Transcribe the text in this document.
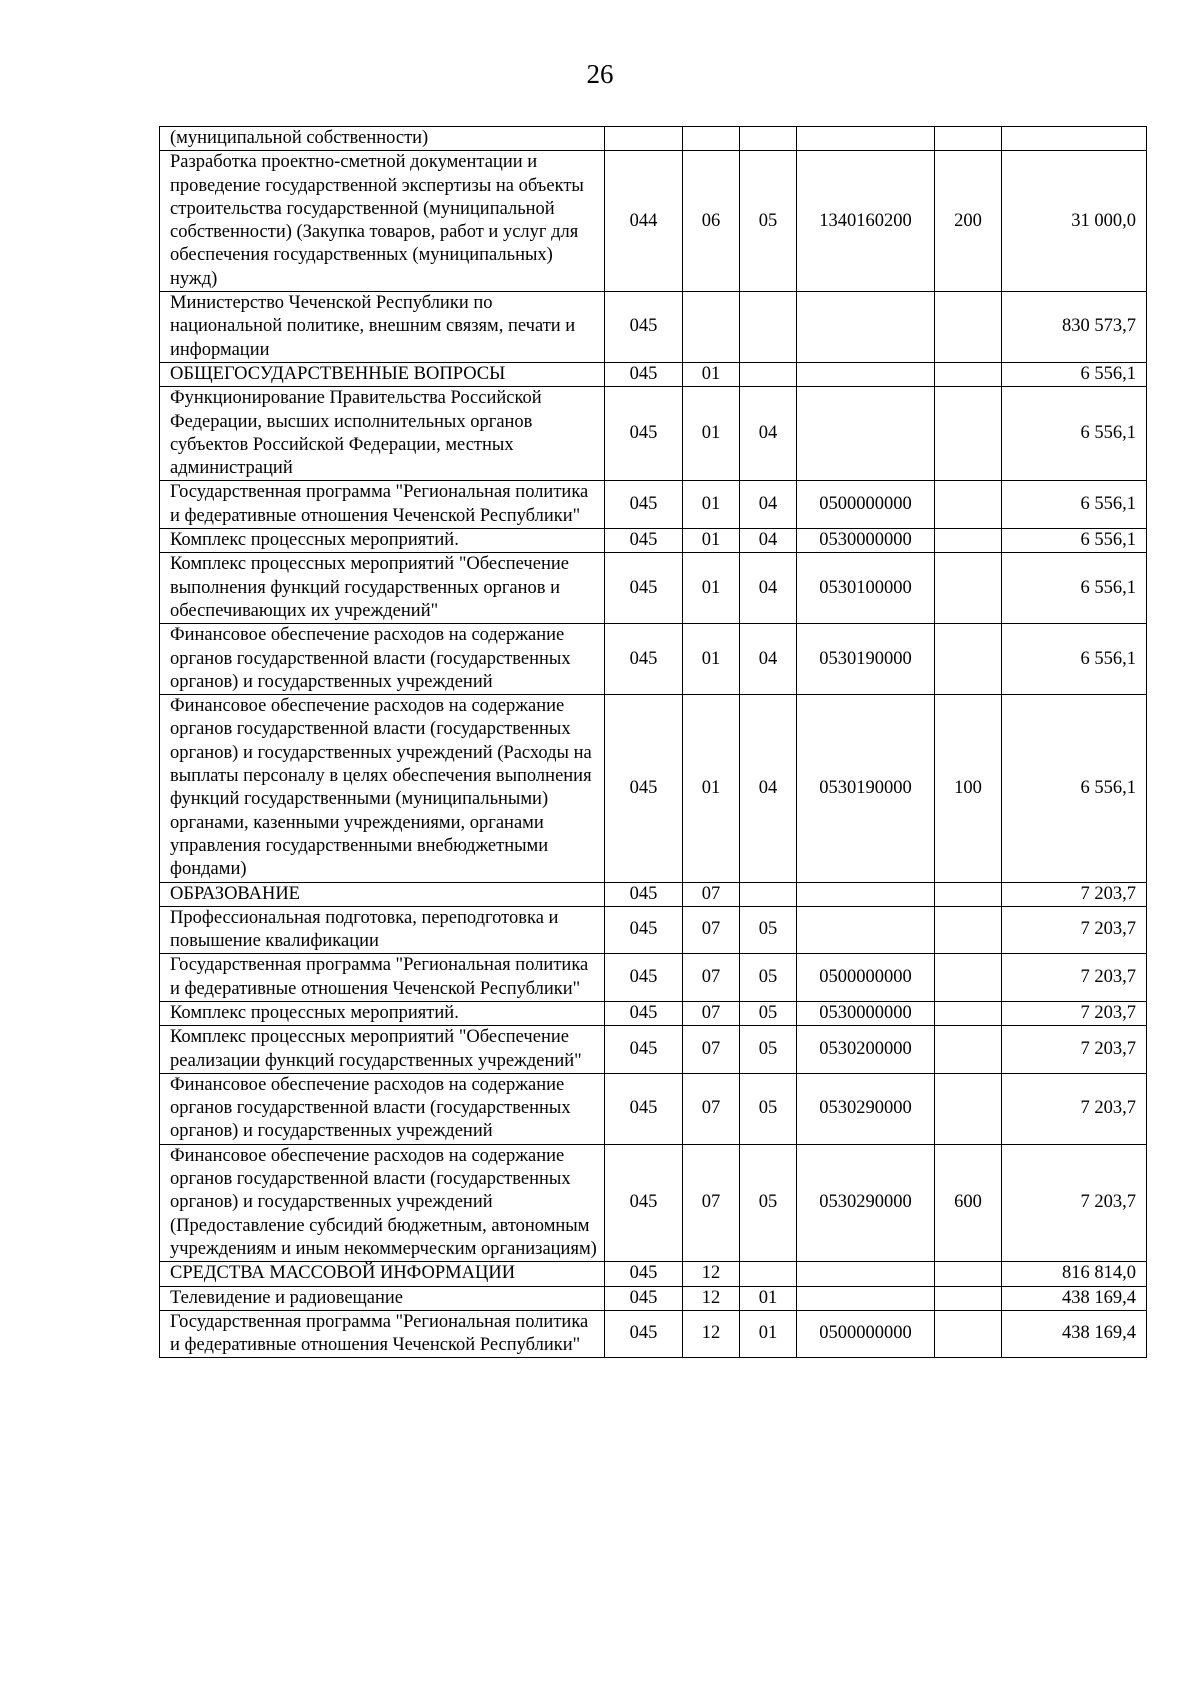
26
(муниципальной собственности)						
Разработка проектно-сметной документации и проведение государственной экспертизы на объекты строительства государственной (муниципальной собственности) (Закупка товаров, работ и услуг для обеспечения государственных (муниципальных) нужд)	044	06	05	1340160200	200	31 000,0
Министерство Чеченской Республики по национальной политике, внешним связям, печати и информации	045					830 573,7
ОБЩЕГОСУДАРСТВЕННЫЕ ВОПРОСЫ	045	01				6 556,1
Функционирование Правительства Российской Федерации, высших исполнительных органов субъектов Российской Федерации, местных администраций	045	01	04			6 556,1
Государственная программа "Региональная политика и федеративные отношения Чеченской Республики"	045	01	04	0500000000		6 556,1
Комплекс процессных мероприятий.	045	01	04	0530000000		6 556,1
Комплекс процессных мероприятий "Обеспечение выполнения функций государственных органов и обеспечивающих их учреждений"	045	01	04	0530100000		6 556,1
Финансовое обеспечение расходов на содержание органов государственной власти (государственных органов) и государственных учреждений	045	01	04	0530190000		6 556,1
Финансовое обеспечение расходов на содержание органов государственной власти (государственных органов) и государственных учреждений (Расходы на выплаты персоналу в целях обеспечения выполнения функций государственными (муниципальными) органами, казенными учреждениями, органами управления государственными внебюджетными фондами)	045	01	04	0530190000	100	6 556,1
ОБРАЗОВАНИЕ	045	07				7 203,7
Профессиональная подготовка, переподготовка и повышение квалификации	045	07	05			7 203,7
Государственная программа "Региональная политика и федеративные отношения Чеченской Республики"	045	07	05	0500000000		7 203,7
Комплекс процессных мероприятий.	045	07	05	0530000000		7 203,7
Комплекс процессных мероприятий "Обеспечение реализации функций государственных учреждений"	045	07	05	0530200000		7 203,7
Финансовое обеспечение расходов на содержание органов государственной власти (государственных органов) и государственных учреждений	045	07	05	0530290000		7 203,7
Финансовое обеспечение расходов на содержание органов государственной власти (государственных органов) и государственных учреждений (Предоставление субсидий бюджетным, автономным учреждениям и иным некоммерческим организациям)	045	07	05	0530290000	600	7 203,7
СРЕДСТВА МАССОВОЙ ИНФОРМАЦИИ	045	12				816 814,0
Телевидение и радиовещание	045	12	01			438 169,4
Государственная программа "Региональная политика и федеративные отношения Чеченской Республики"	045	12	01	0500000000		438 169,4
